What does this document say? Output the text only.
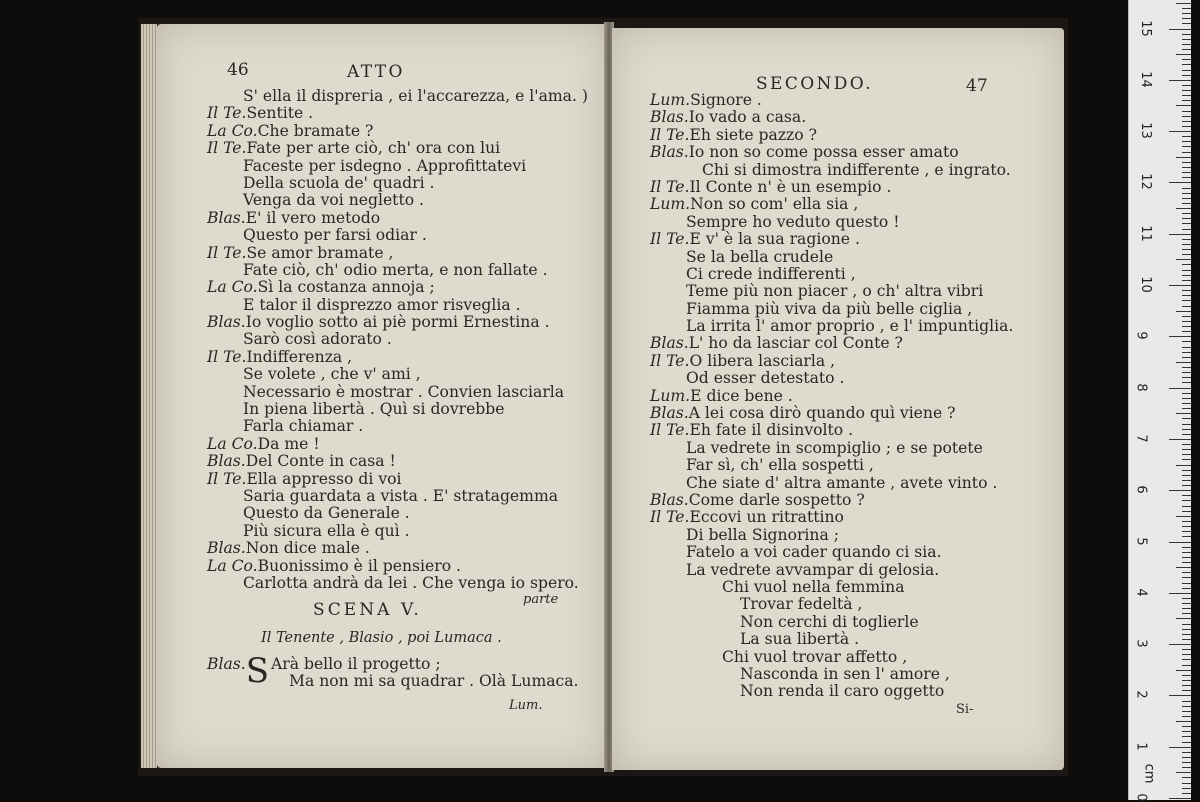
46	ATTO
S' ella il disprегia , ei l'accarezza, e l'ama. )
Il Te.Sentite .
La Co.Che bramate ?
Il Te.Fate per arte ciò, ch' ora con lui
Faceste per isdegno . Approfittatevi
Della scuola de' quadri .
Venga da voi negletto .
Blas.E' il vero metodo
Questo per farsi odiar .
Il Te.Se amor bramate ,
Fate ciò, ch' odio merta, e non fallate .
La Co.Sì la costanza annoja ;
E talor il disprezzo amor risveglia .
Blas.Io voglio sotto ai piè pormi Ernestina .
Sarò così adorato .
Il Te.Indifferenza ,
Se volete , che v' ami ,
Necessario è mostrar . Convien lasciarla
In piena libertà . Quì si dovrebbe
Farla chiamar .
La Co.Da me !
Blas.Del Conte in casa !
Il Te.Ella appresso di voi
Saria guardata a vista . E' stratagemma
Questo da Generale .
Più sicura ella è quì .
Blas.Non dice male .
La Co.Buonissimo è il pensiero .
Carlotta andrà da lei . Che venga io spero.
parte
SCENA V.
Il Tenente , Blasio , poi Lumaca .
Blas.S Arà bello il progetto ;
Ma non mi sa quadrar . Olà Lumaca.
Lum.
SECONDO.	47
Lum.Signore .
Blas.Io vado a casa.
Il Te.Eh siete pazzo ?
Blas.Io non so come possa esser amato
Chi si dimostra indifferente , e ingrato.
Il Te.Il Conte n' è un esempio .
Lum.Non so com' ella sia ,
Sempre ho veduto questo !
Il Te.E v' è la sua ragione .
Se la bella crudele
Ci crede indifferenti ,
Teme più non piacer , o ch' altra vibri
Fiamma più viva da più belle ciglia ,
La irrita l' amor proprio , e l' impuntiglia.
Blas.L' ho da lasciar col Conte ?
Il Te.O libera lasciarla ,
Od esser detestato .
Lum.E dice bene .
Blas.A lei cosa dirò quando quì viene ?
Il Te.Eh fate il disinvolto .
La vedrete in scompiglio ; e se potete
Far sì, ch' ella sospetti ,
Che siate d' altra amante , avete vinto .
Blas.Come darle sospetto ?
Il Te.Eccovi un ritrattino
Di bella Signorina ;
Fatelo a voi cader quando ci sia.
La vedrete avvampar di gelosia.
Chi vuol nella femmina
Trovar fedeltà ,
Non cerchi di toglierle
La sua libertà .
Chi vuol trovar affetto ,
Nasconda in sen l' amore ,
Non renda il caro oggetto
Si-
15
14
13
12
11
10
9
8
7
6
5
4
3
2
1
0
cm
